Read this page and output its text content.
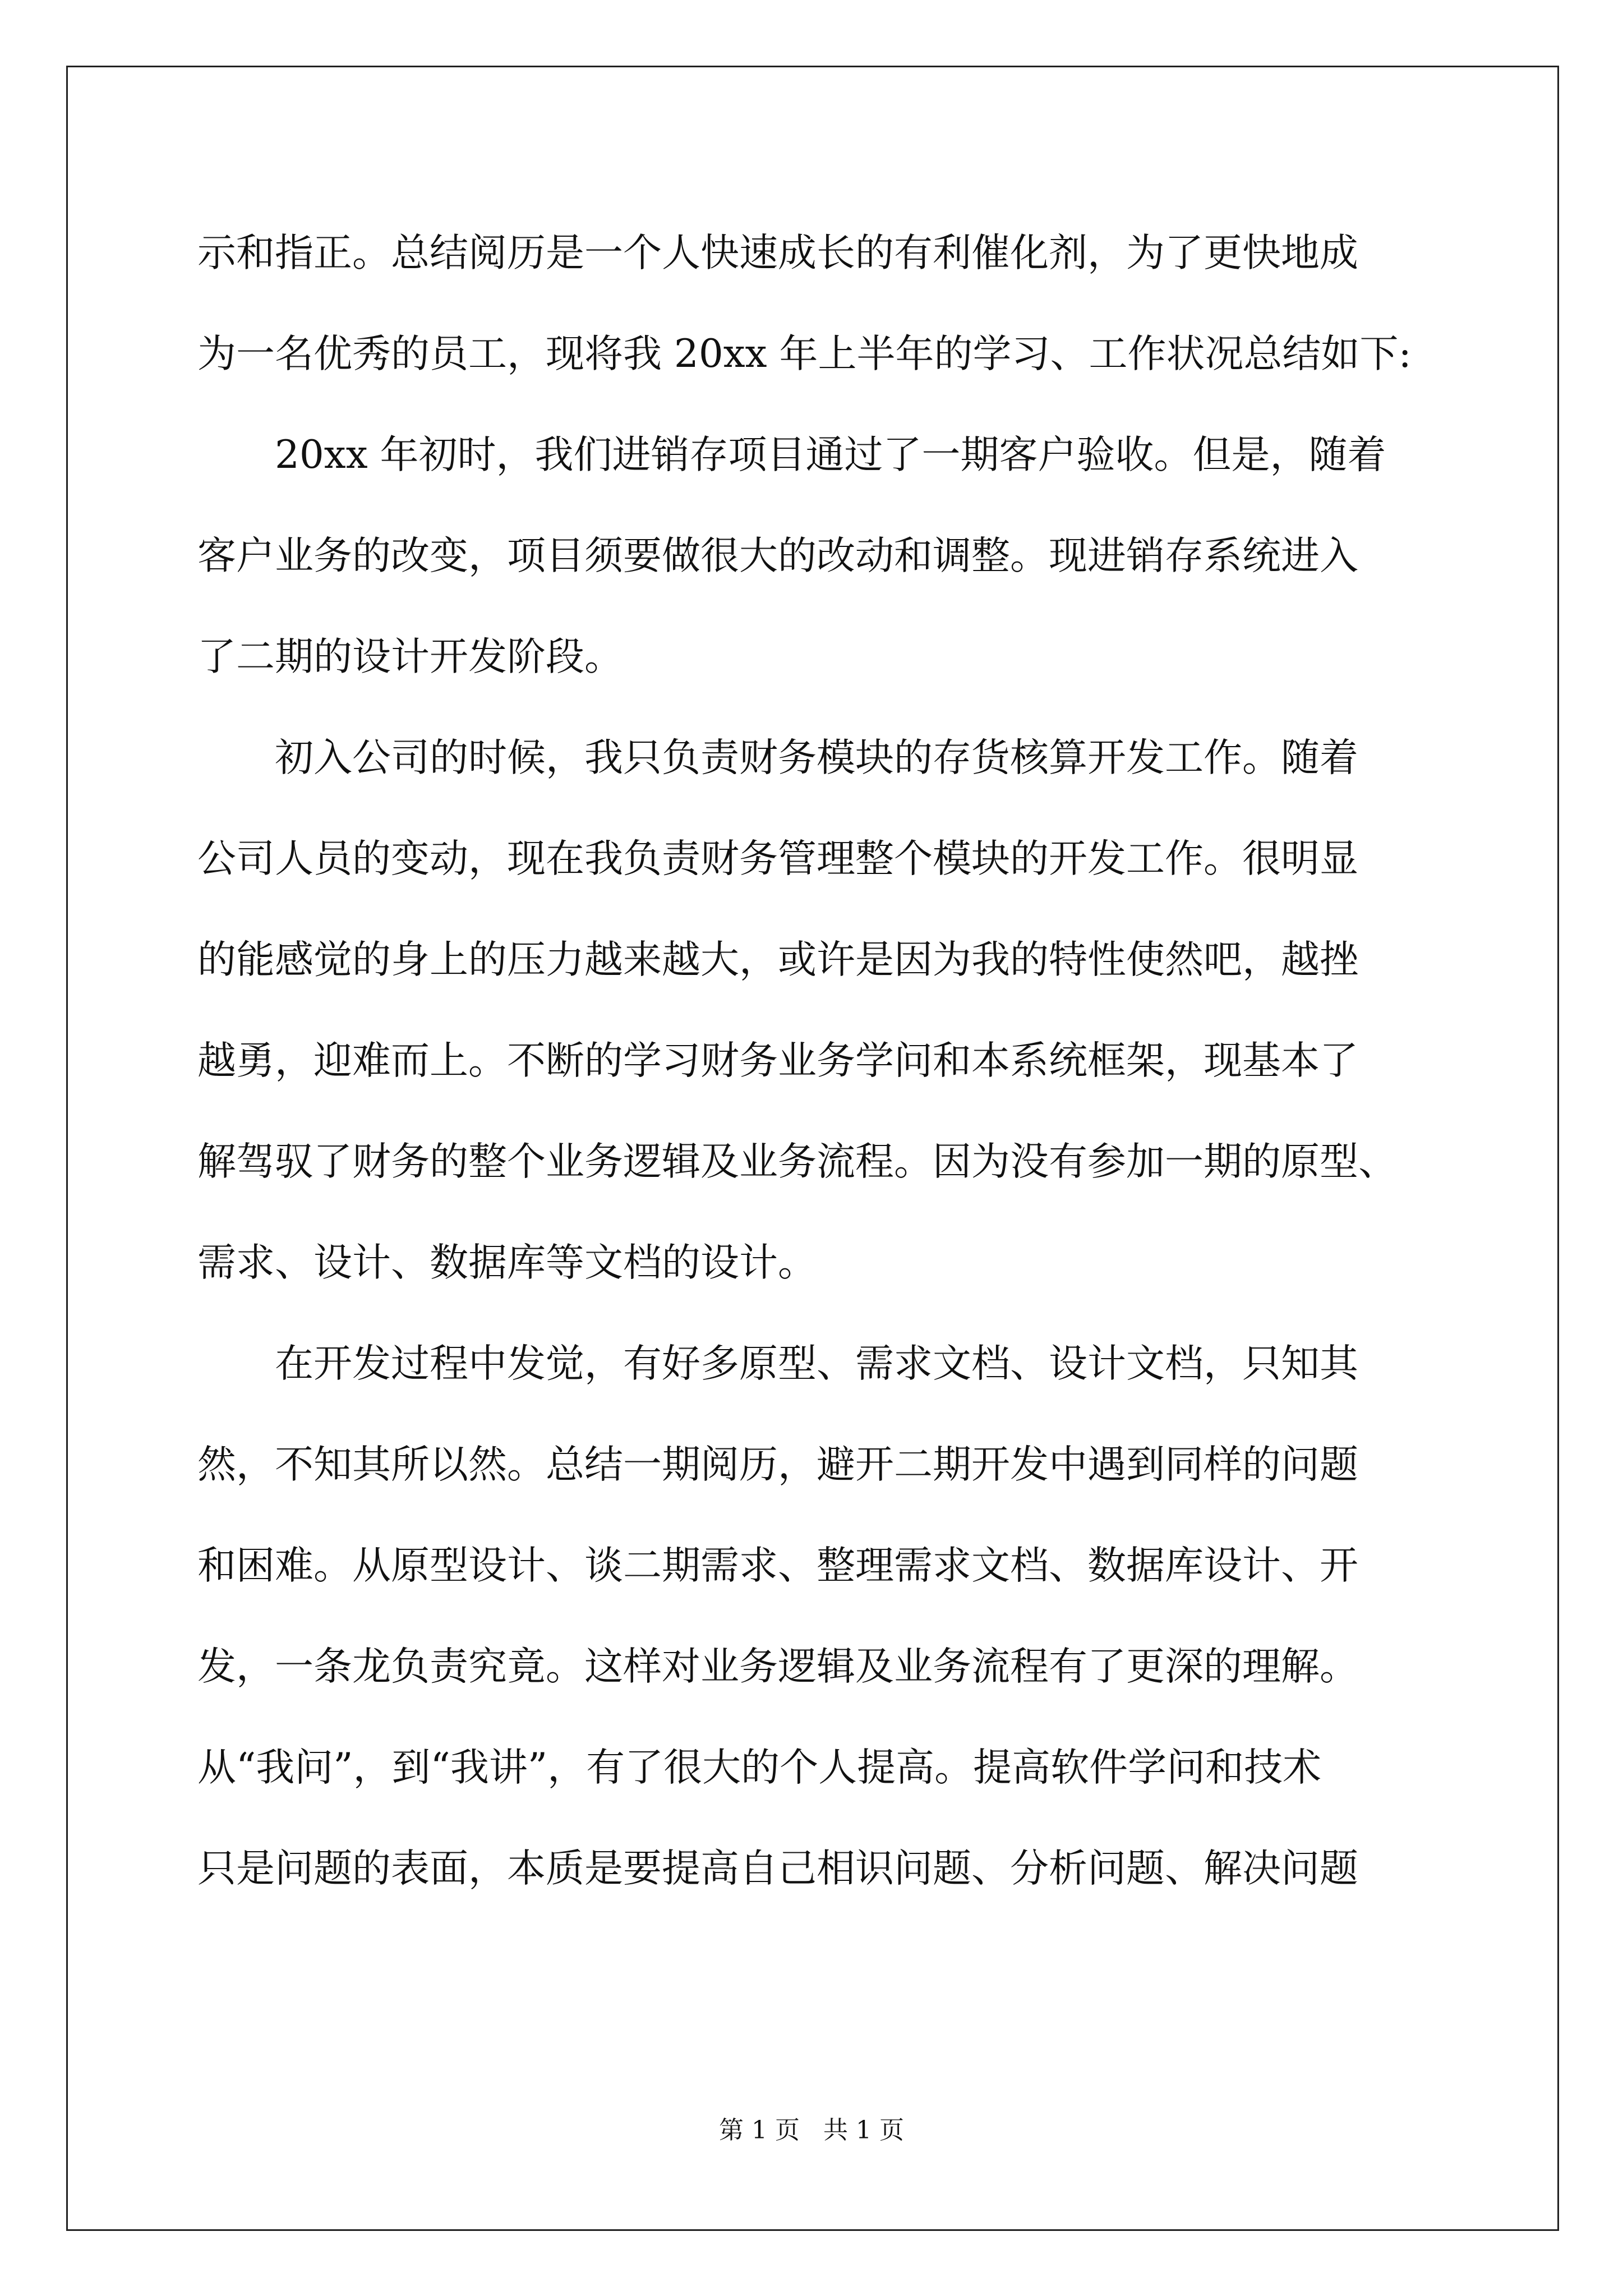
示和指正。总结阅历是一个人快速成长的有利催化剂，为了更快地成
为一名优秀的员工，现将我 20xx 年上半年的学习、工作状况总结如下:
20xx 年初时，我们进销存项目通过了一期客户验收。但是，随着
客户业务的改变，项目须要做很大的改动和调整。现进销存系统进入
了二期的设计开发阶段。
初入公司的时候，我只负责财务模块的存货核算开发工作。随着
公司人员的变动，现在我负责财务管理整个模块的开发工作。很明显
的能感觉的身上的压力越来越大，或许是因为我的特性使然吧，越挫
越勇，迎难而上。不断的学习财务业务学问和本系统框架，现基本了
解驾驭了财务的整个业务逻辑及业务流程。因为没有参加一期的原型、
需求、设计、数据库等文档的设计。
在开发过程中发觉，有好多原型、需求文档、设计文档，只知其
然，不知其所以然。总结一期阅历，避开二期开发中遇到同样的问题
和困难。从原型设计、谈二期需求、整理需求文档、数据库设计、开
发，一条龙负责究竟。这样对业务逻辑及业务流程有了更深的理解。
从“我问”，到“我讲”，有了很大的个人提高。提高软件学问和技术
只是问题的表面，本质是要提高自己相识问题、分析问题、解决问题
第 1 页   共 1 页
